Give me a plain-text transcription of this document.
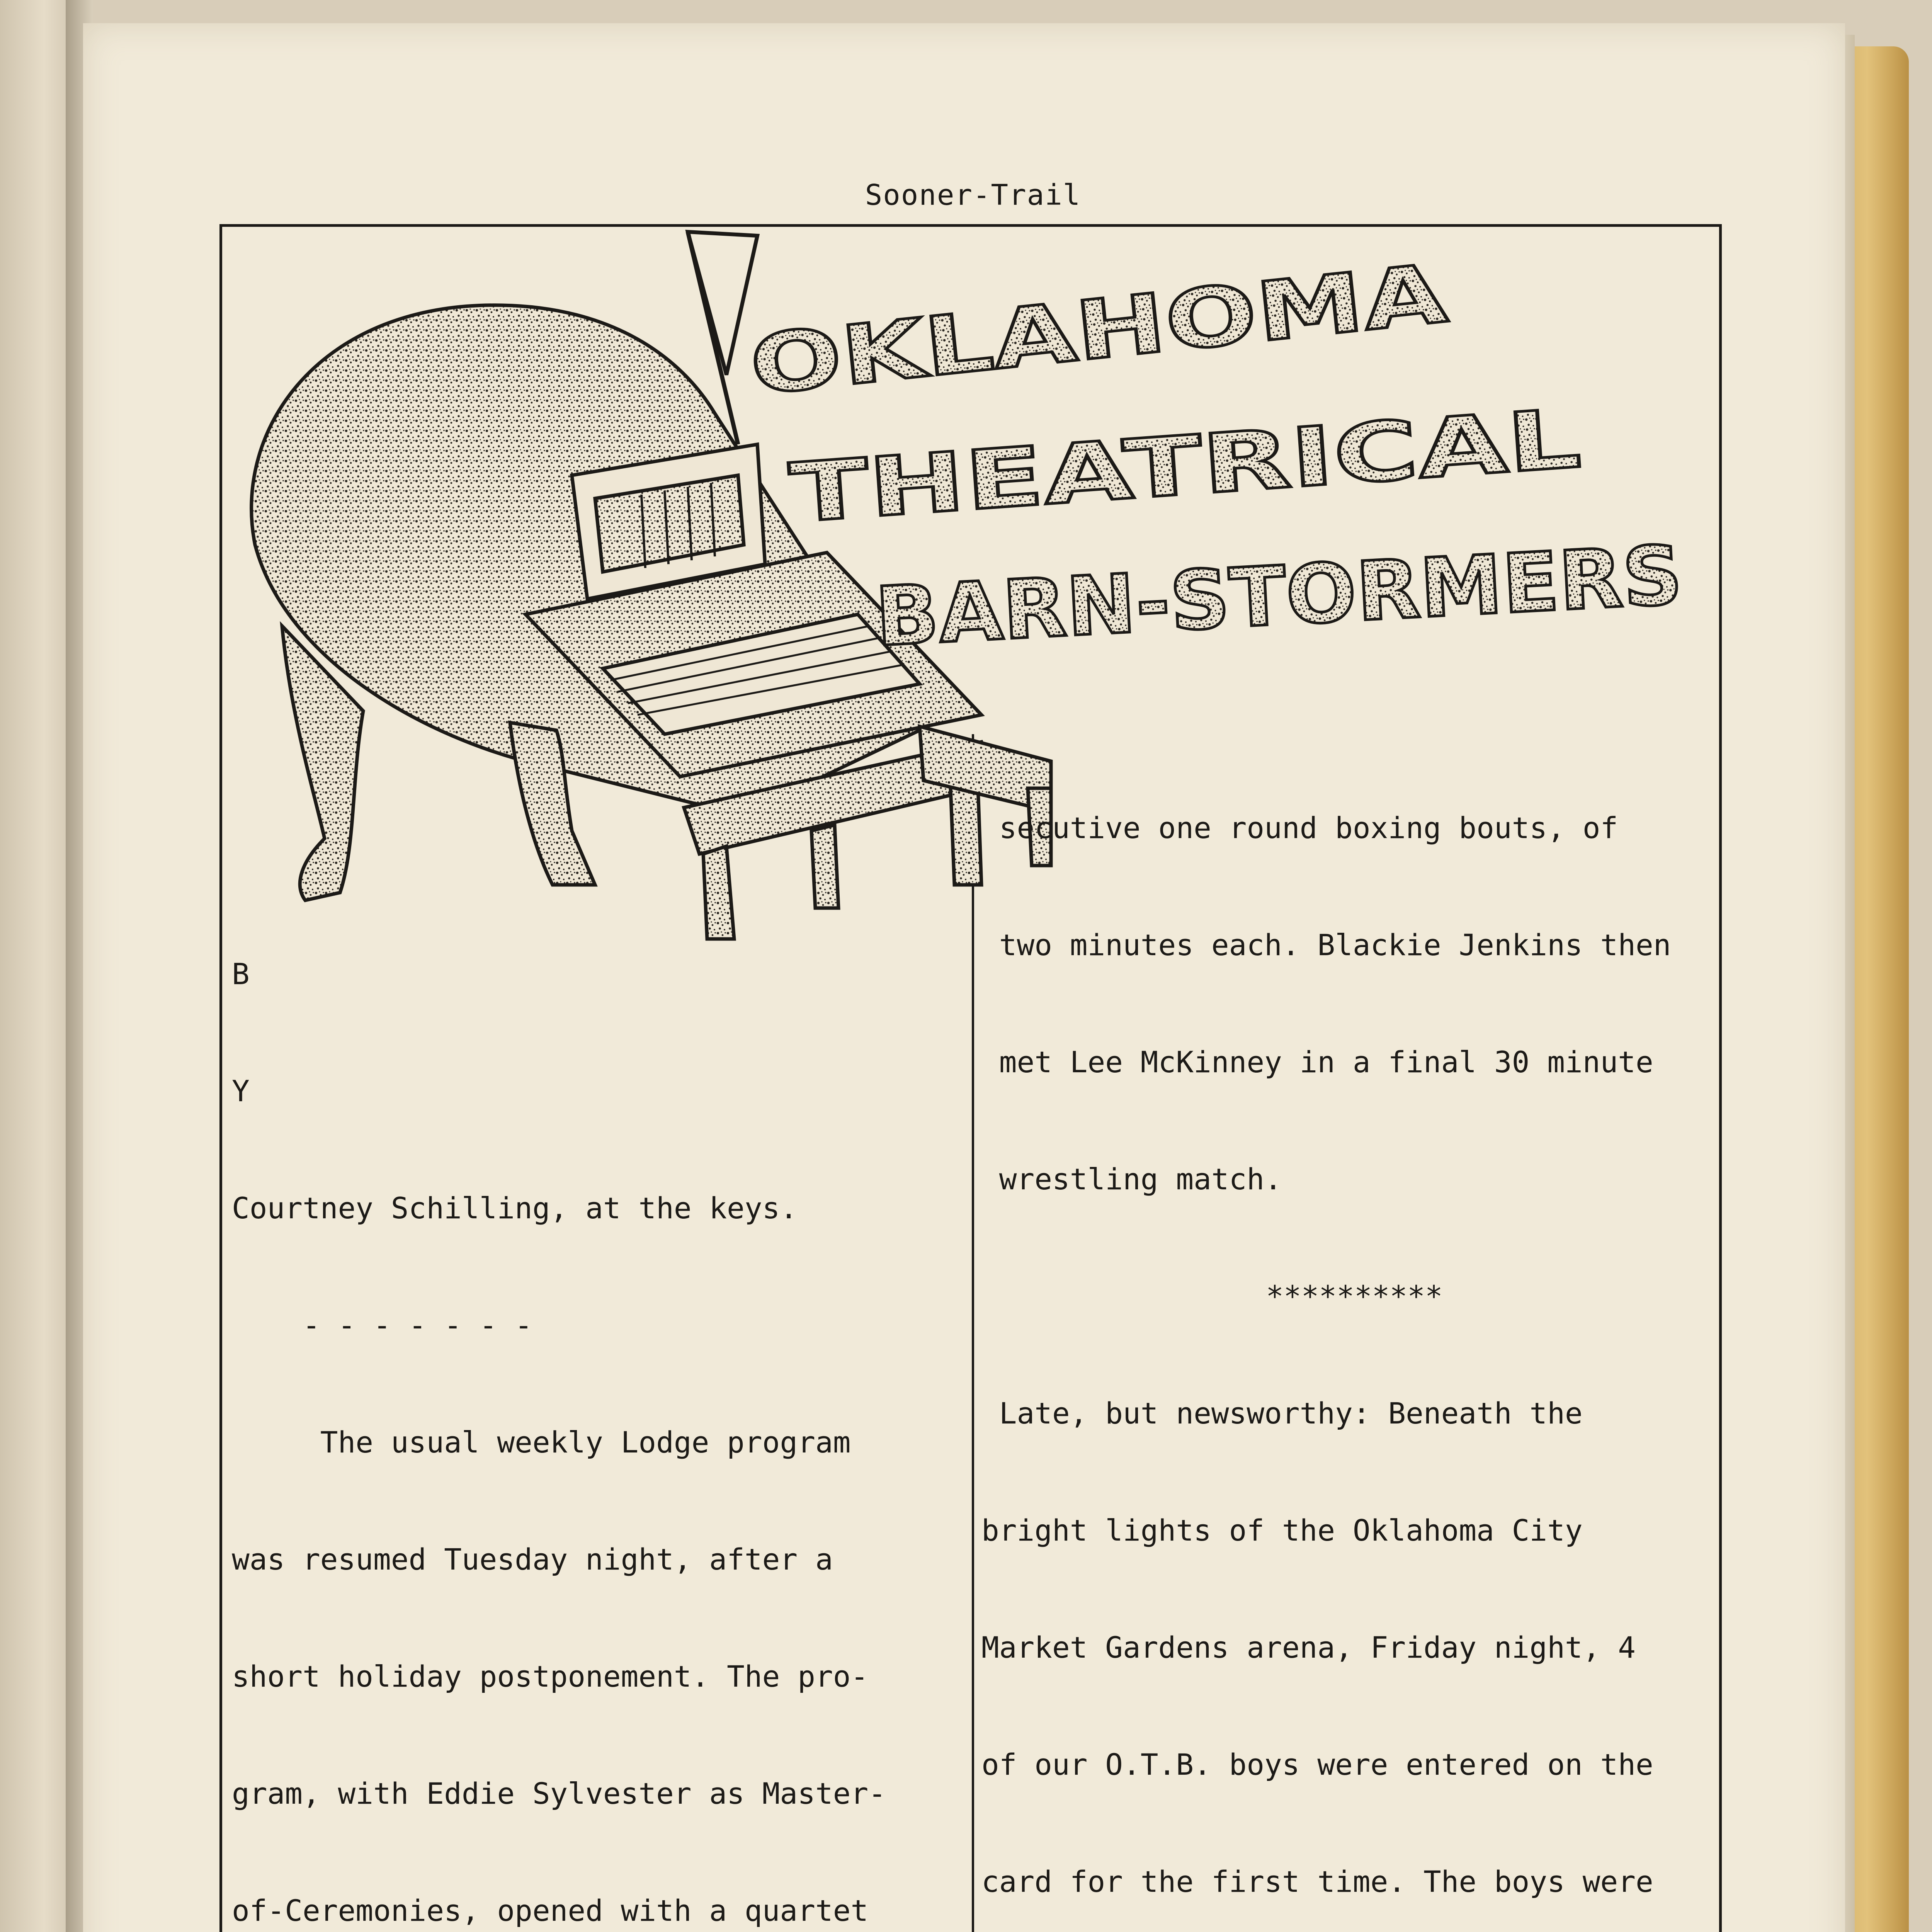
Sooner-Trail
OKLAHOMA
THEATRICAL
BARN-STORMERS

B

Y

Courtney Schilling, at the keys.

- - - - - - -

The usual weekly Lodge program

was resumed Tuesday night, after a

short holiday postponement. The pro-

gram, with Eddie Sylvester as Master-

of-Ceremonies, opened with a quartet

secutive one round boxing bouts, of

two minutes each. Blackie Jenkins then

met Lee McKinney in a final 30 minute

wrestling match.

**********

Late, but newsworthy: Beneath the

bright lights of the Oklahoma City

Market Gardens arena, Friday night, 4

of our O.T.B. boys were entered on the

card for the first time. The boys were
